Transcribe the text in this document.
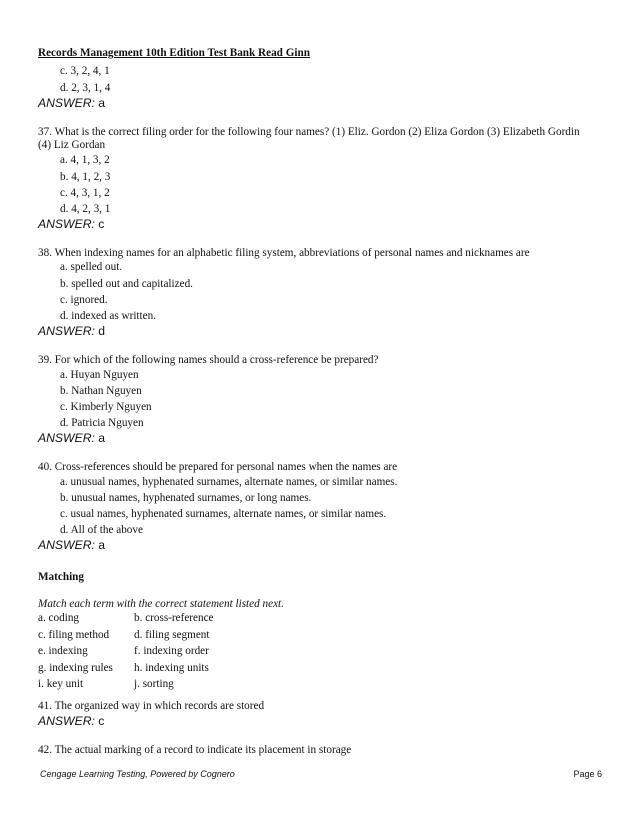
Records Management 10th Edition Test Bank Read Ginn
c. 3, 2, 4, 1
d. 2, 3, 1, 4
ANSWER: a
37. What is the correct filing order for the following four names? (1) Eliz. Gordon (2) Eliza Gordon (3) Elizabeth Gordin
(4) Liz Gordan
a. 4, 1, 3, 2
b. 4, 1, 2, 3
c. 4, 3, 1, 2
d. 4, 2, 3, 1
ANSWER: c
38. When indexing names for an alphabetic filing system, abbreviations of personal names and nicknames are
a. spelled out.
b. spelled out and capitalized.
c. ignored.
d. indexed as written.
ANSWER: d
39. For which of the following names should a cross-reference be prepared?
a. Huyan Nguyen
b. Nathan Nguyen
c. Kimberly Nguyen
d. Patricia Nguyen
ANSWER: a
40. Cross-references should be prepared for personal names when the names are
a. unusual names, hyphenated surnames, alternate names, or similar names.
b. unusual names, hyphenated surnames, or long names.
c. usual names, hyphenated surnames, alternate names, or similar names.
d. All of the above
ANSWER: a
Matching
Match each term with the correct statement listed next.
a. coding	b. cross-reference
c. filing method d. filing segment
e. indexing	f. indexing order
g. indexing rules h. indexing units
i. key unit	j. sorting
41. The organized way in which records are stored
ANSWER: c
42. The actual marking of a record to indicate its placement in storage
Cengage Learning Testing, Powered by Cognero	Page 6
